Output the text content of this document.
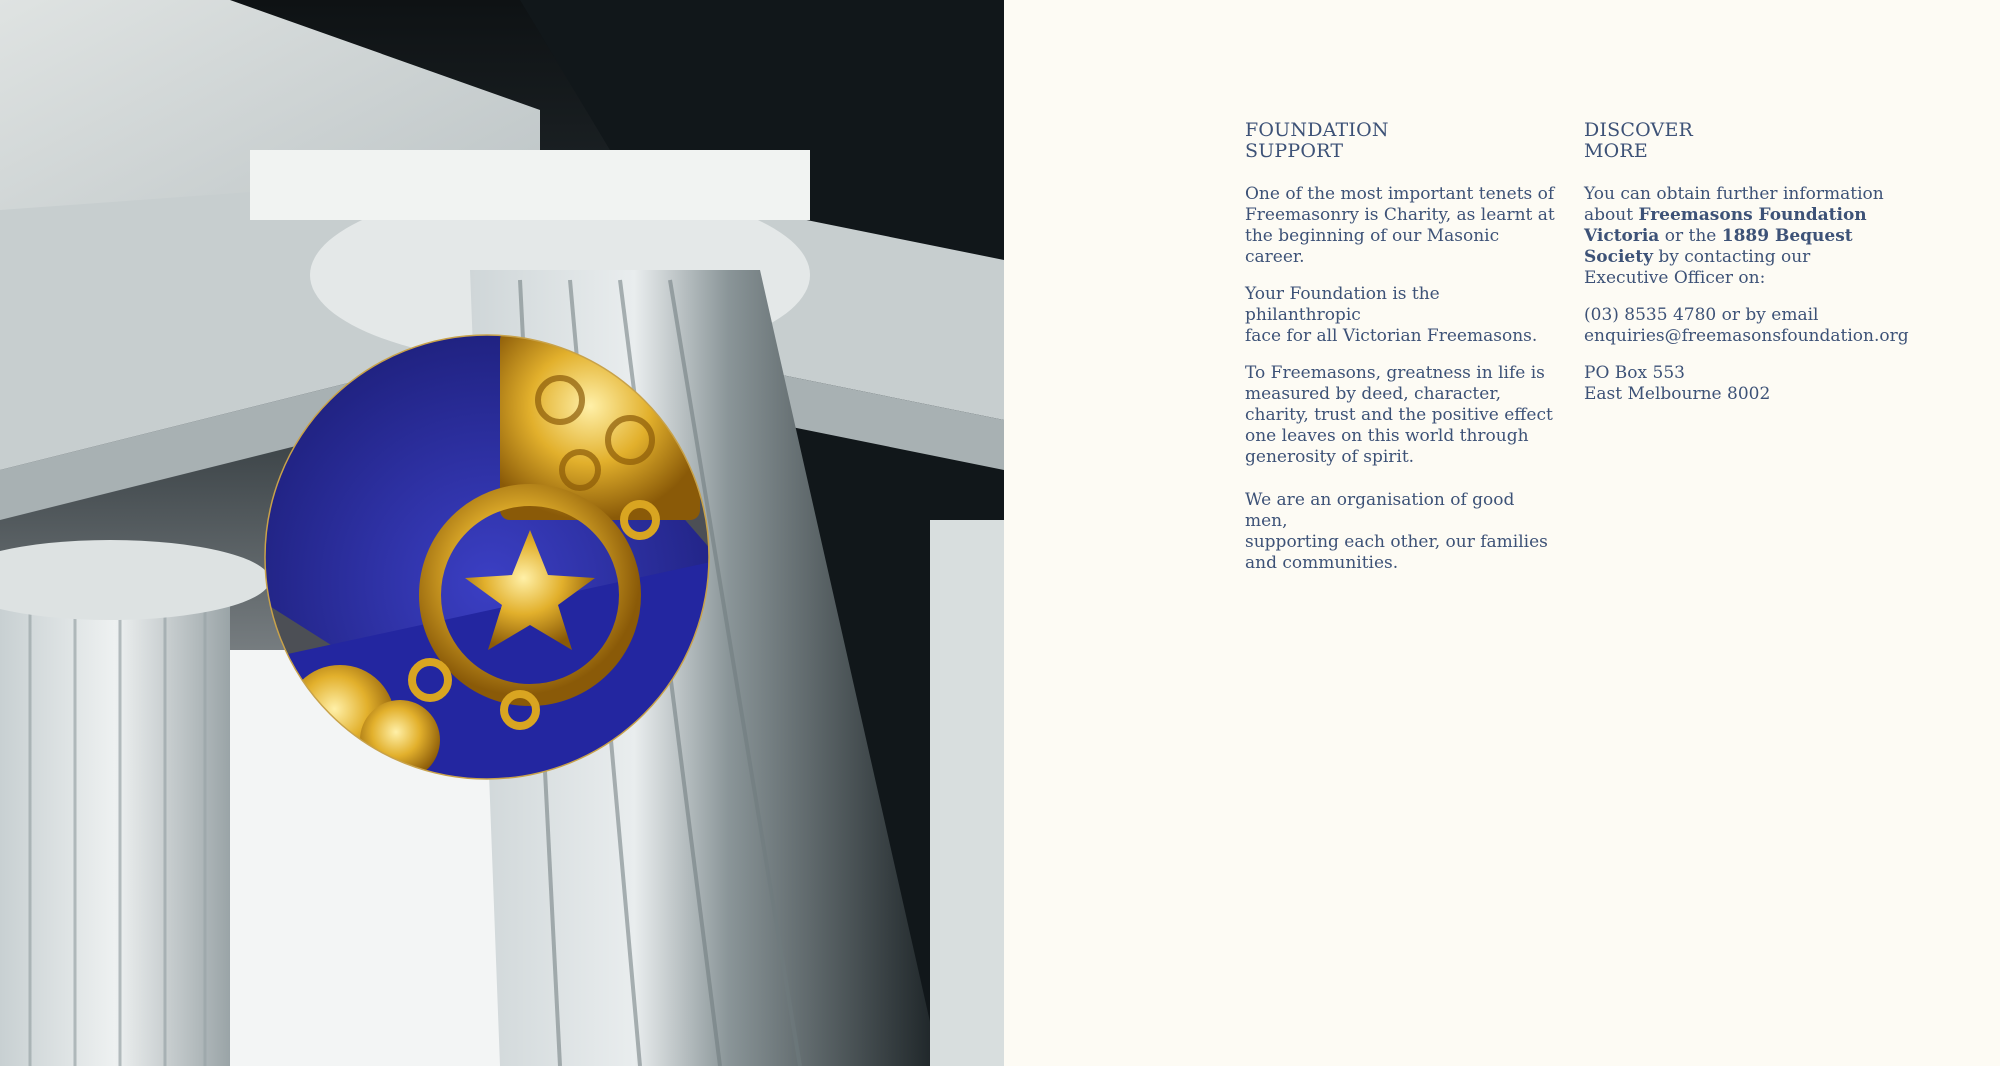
FOUNDATION
SUPPORT

One of the most important tenets of
Freemasonry is Charity, as learnt at
the beginning of our Masonic career.

Your Foundation is the philanthropic
face for all Victorian Freemasons.

To Freemasons, greatness in life is
measured by deed, character,
charity, trust and the positive effect
one leaves on this world through
generosity of spirit.

We are an organisation of good men,
supporting each other, our families
and communities.

DISCOVER
MORE

You can obtain further information
about Freemasons Foundation
Victoria or the 1889 Bequest
Society by contacting our
Executive Officer on:

(03) 8535 4780 or by email
enquiries@freemasonsfoundation.org

PO Box 553
East Melbourne 8002
